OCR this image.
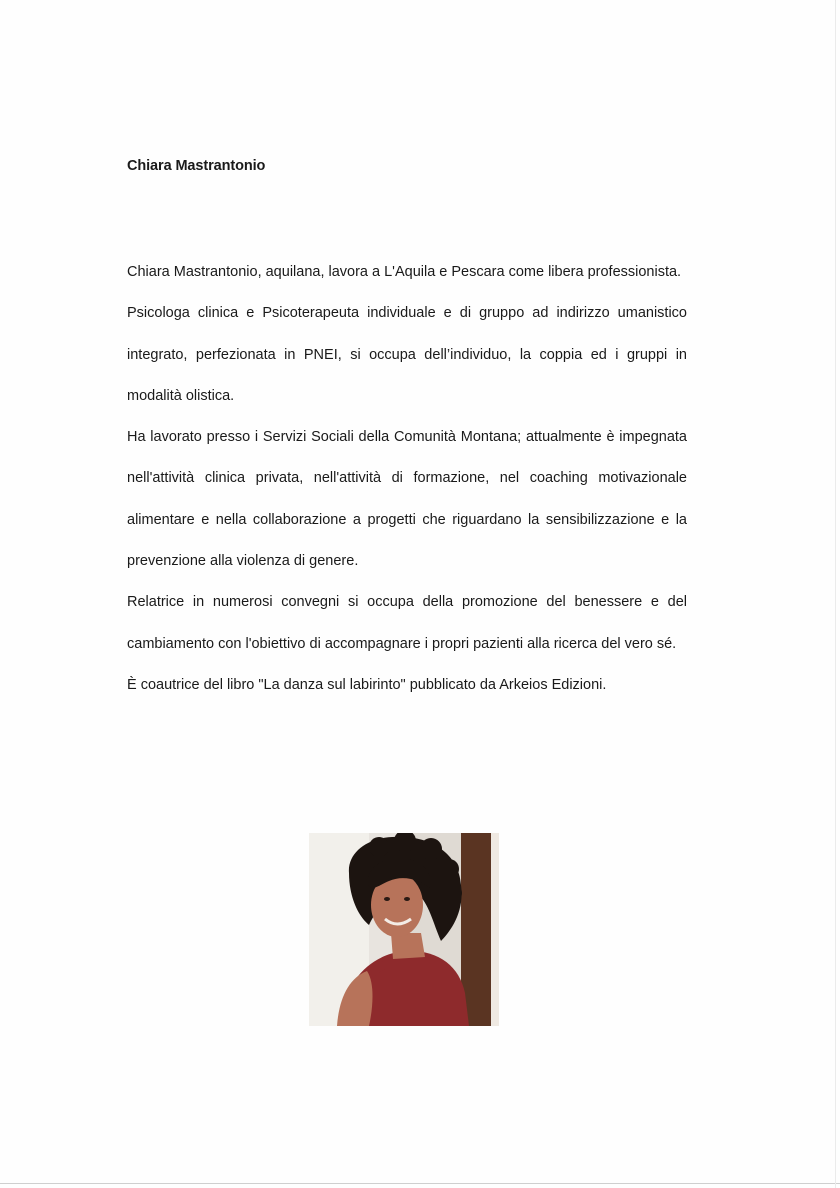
Chiara Mastrantonio

Chiara Mastrantonio, aquilana, lavora a L'Aquila e Pescara come libera professionista.

Psicologa clinica e Psicoterapeuta individuale e di gruppo ad indirizzo umanistico integrato, perfezionata in PNEI, si occupa dell’individuo, la coppia ed i gruppi in modalità olistica.

Ha lavorato presso i Servizi Sociali della Comunità Montana; attualmente è impegnata nell'attività clinica privata, nell'attività di formazione, nel coaching motivazionale alimentare e nella collaborazione a progetti che riguardano la sensibilizzazione e la prevenzione alla violenza di genere.

Relatrice in numerosi convegni si occupa della promozione del benessere e del cambiamento con l'obiettivo di accompagnare i propri pazienti alla ricerca del vero sé.

È coautrice del libro "La danza sul labirinto" pubblicato da Arkeios Edizioni.
